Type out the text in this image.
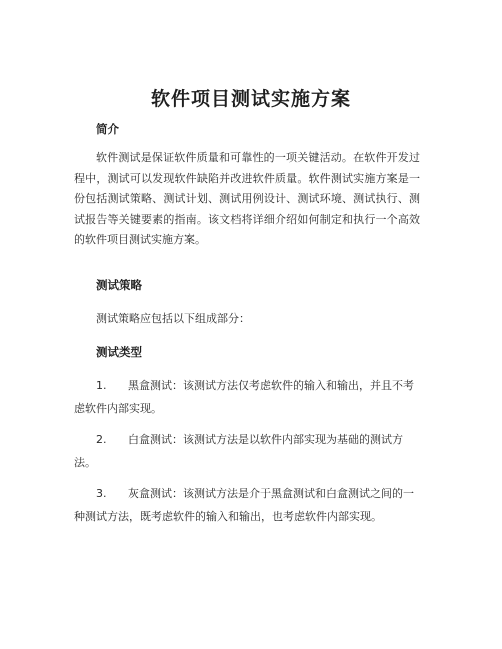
软件项目测试实施方案
简介
软件测试是保证软件质量和可靠性的一项关键活动。在软件开发过程中，测试可以发现软件缺陷并改进软件质量。软件测试实施方案是一份包括测试策略、测试计划、测试用例设计、测试环境、测试执行、测试报告等关键要素的指南。该文档将详细介绍如何制定和执行一个高效的软件项目测试实施方案。
测试策略
测试策略应包括以下组成部分：
测试类型
1. 黑盒测试：该测试方法仅考虑软件的输入和输出，并且不考虑软件内部实现。
2. 白盒测试：该测试方法是以软件内部实现为基础的测试方法。
3. 灰盒测试：该测试方法是介于黑盒测试和白盒测试之间的一种测试方法，既考虑软件的输入和输出，也考虑软件内部实现。
